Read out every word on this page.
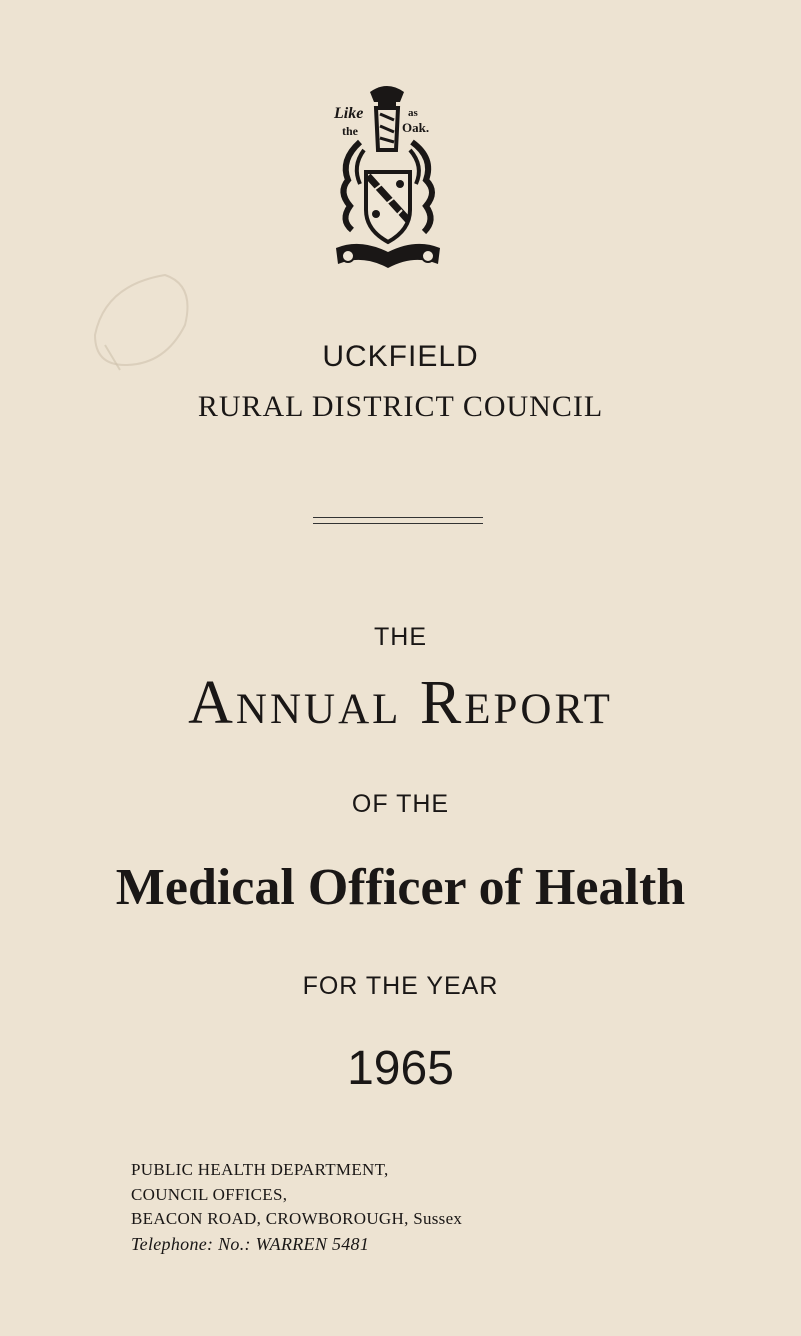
Like
the
as
Oak.
UCKFIELD
RURAL DISTRICT COUNCIL
THE
Annual Report
OF THE
Medical Officer of Health
FOR THE YEAR
1965
PUBLIC HEALTH DEPARTMENT,
COUNCIL OFFICES,
BEACON ROAD, CROWBOROUGH, Sussex
Telephone: No.: WARREN 5481
